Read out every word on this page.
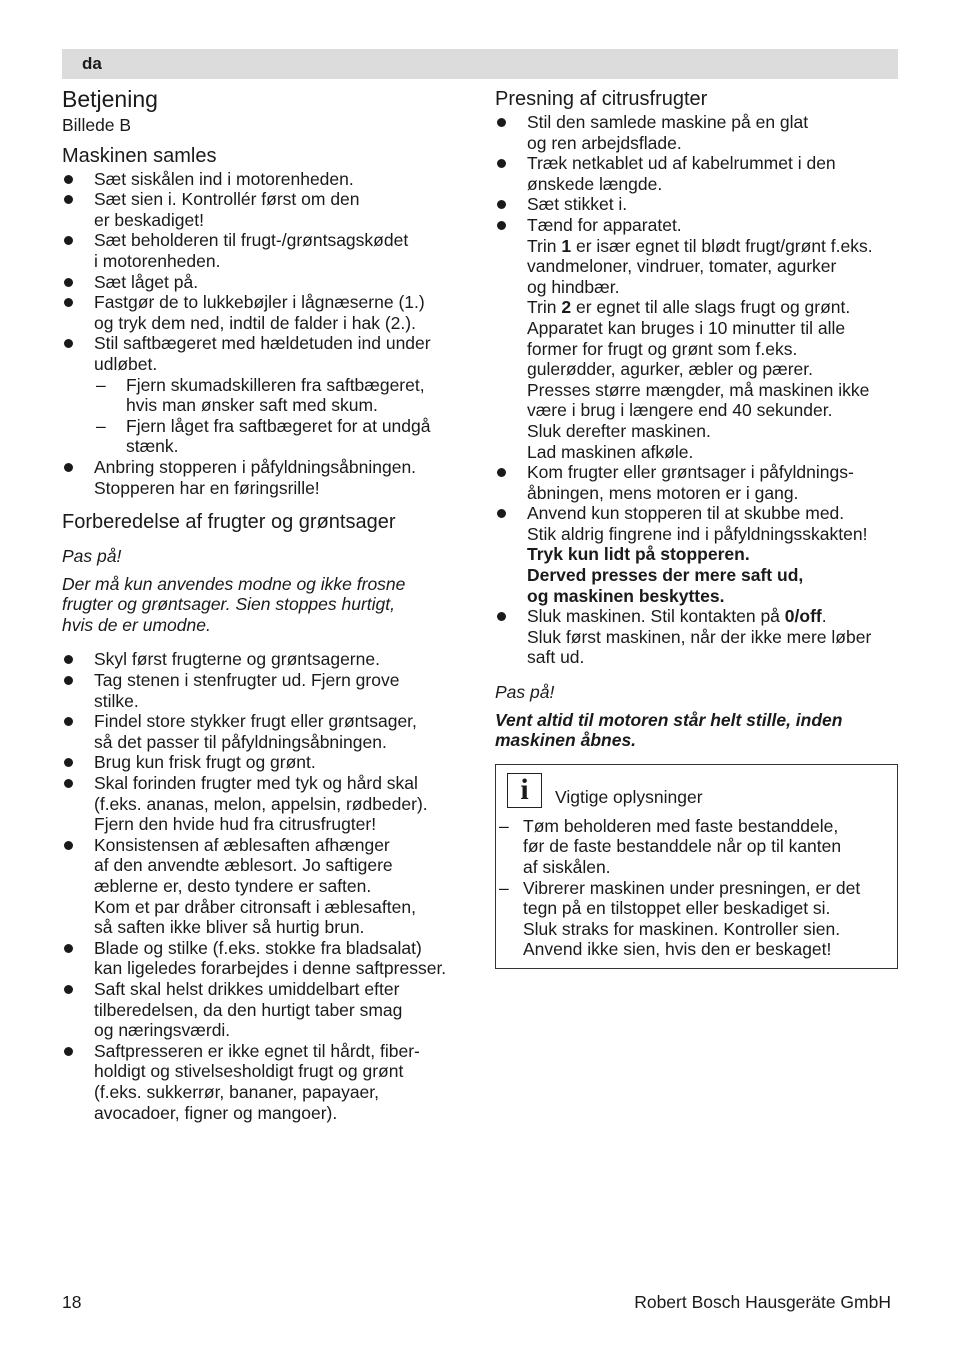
da
Betjening

Billede B

Maskinen samles
Sæt siskålen ind i motorenheden.
Sæt sien i. Kontrollér først om den
er beskadiget!
Sæt beholderen til frugt-/grøntsagskødet
i motorenheden.
Sæt låget på.
Fastgør de to lukkebøjler i lågnæserne (1.)
og tryk dem ned, indtil de falder i hak (2.).
Stil saftbægeret med hældetuden ind under
udløbet.
– Fjern skumadskilleren fra saftbægeret,
hvis man ønsker saft med skum.
– Fjern låget fra saftbægeret for at undgå
stænk.
Anbring stopperen i påfyldningsåbningen.
Stopperen har en føringsrille!
Forberedelse af frugter og grøntsager

Pas på!

Der må kun anvendes modne og ikke frosne
frugter og grøntsager. Sien stoppes hurtigt,
hvis de er umodne.

Skyl først frugterne og grøntsagerne.
Tag stenen i stenfrugter ud. Fjern grove
stilke.
Findel store stykker frugt eller grøntsager,
så det passer til påfyldningsåbningen.
Brug kun frisk frugt og grønt.
Skal forinden frugter med tyk og hård skal
(f.eks. ananas, melon, appelsin, rødbeder).
Fjern den hvide hud fra citrusfrugter!
Konsistensen af æblesaften afhænger
af den anvendte æblesort. Jo saftigere
æblerne er, desto tyndere er saften.
Kom et par dråber citronsaft i æblesaften,
så saften ikke bliver så hurtig brun.
Blade og stilke (f.eks. stokke fra bladsalat)
kan ligeledes forarbejdes i denne saftpresser.
Saft skal helst drikkes umiddelbart efter
tilberedelsen, da den hurtigt taber smag
og næringsværdi.
Saftpresseren er ikke egnet til hårdt, fiber-
holdigt og stivelsesholdigt frugt og grønt
(f.eks. sukkerrør, bananer, papayaer,
avocadoer, figner og mangoer).
Presning af citrusfrugter
Stil den samlede maskine på en glat
og ren arbejdsflade.
Træk netkablet ud af kabelrummet i den
ønskede længde.
Sæt stikket i.
Tænd for apparatet.
Trin 1 er især egnet til blødt frugt/grønt f.eks.
vandmeloner, vindruer, tomater, agurker
og hindbær.
Trin 2 er egnet til alle slags frugt og grønt.
Apparatet kan bruges i 10 minutter til alle
former for frugt og grønt som f.eks.
gulerødder, agurker, æbler og pærer.
Presses større mængder, må maskinen ikke
være i brug i længere end 40 sekunder.
Sluk derefter maskinen.
Lad maskinen afkøle.
Kom frugter eller grøntsager i påfyldnings-
åbningen, mens motoren er i gang.
Anvend kun stopperen til at skubbe med.
Stik aldrig fingrene ind i påfyldningsskakten!
Tryk kun lidt på stopperen.
Derved presses der mere saft ud,
og maskinen beskyttes.
Sluk maskinen. Stil kontakten på 0/off.
Sluk først maskinen, når der ikke mere løber
saft ud.

Pas på!

Vent altid til motoren står helt stille, inden
maskinen åbnes.

i	Vigtige oplysninger
– Tøm beholderen med faste bestanddele,
før de faste bestanddele når op til kanten
af siskålen.
– Vibrerer maskinen under presningen, er det
tegn på en tilstoppet eller beskadiget si.
Sluk straks for maskinen. Kontroller sien.
Anvend ikke sien, hvis den er beskaget!
18	Robert Bosch Hausgeräte GmbH
